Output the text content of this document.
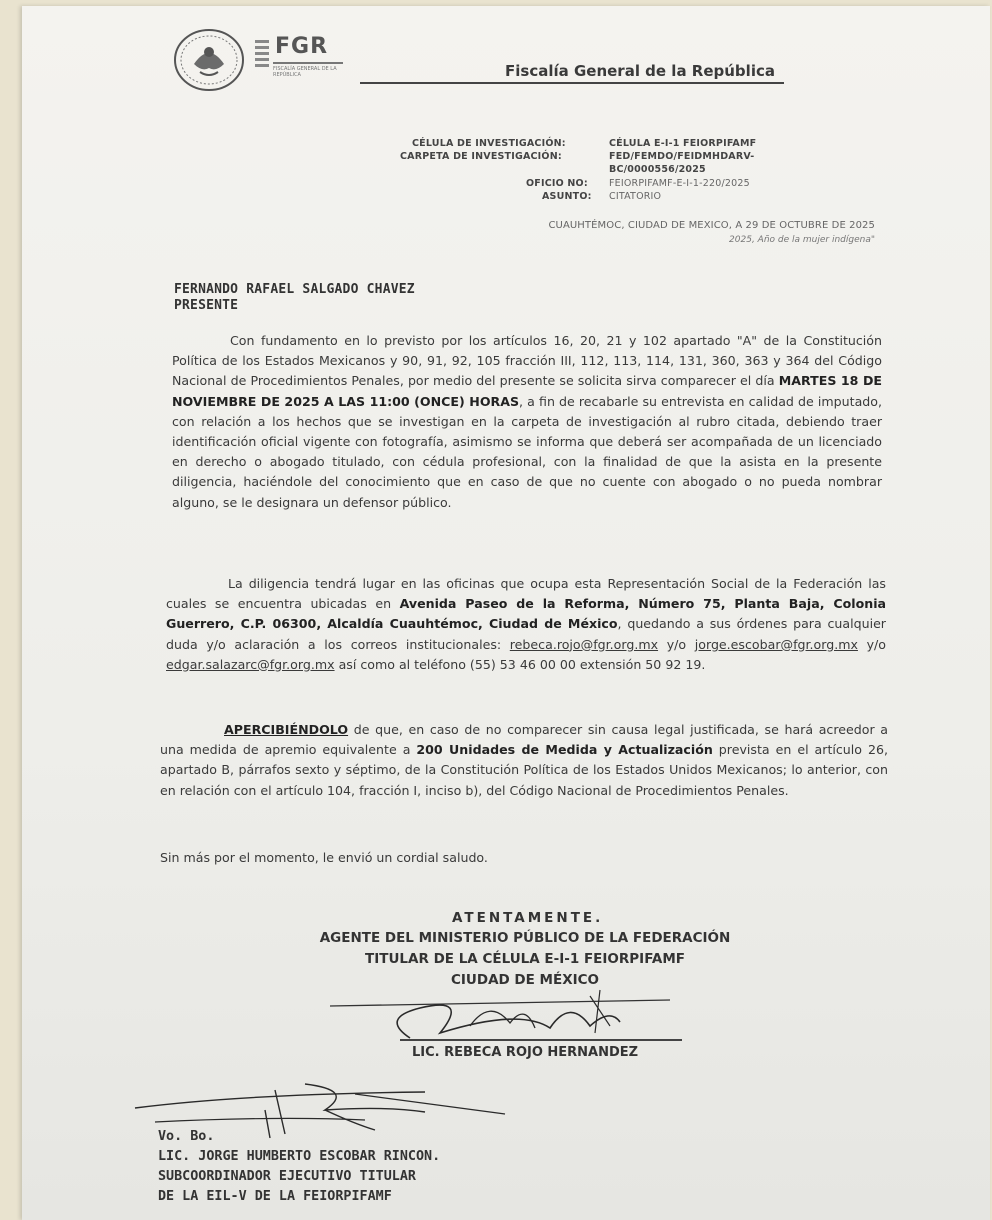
FGR
FISCALÍA GENERAL DE LA REPÚBLICA	Fiscalía General de la República
CÉLULA DE INVESTIGACIÓN:	CÉLULA E-I-1 FEIORPIFAMF
CARPETA DE INVESTIGACIÓN:	FED/FEMDO/FEIDMHDARV-
BC/0000556/2025
OFICIO NO: FEIORPIFAMF-E-I-1-220/2025
ASUNTO: CITATORIO
CUAUHTÉMOC, CIUDAD DE MEXICO, A 29 DE OCTUBRE DE 2025
2025, Año de la mujer indígena"
FERNANDO RAFAEL SALGADO CHAVEZ
PRESENTE
Con fundamento en lo previsto por los artículos 16, 20, 21 y 102 apartado "A" de la Constitución Política de los Estados Mexicanos y 90, 91, 92, 105 fracción III, 112, 113, 114, 131, 360, 363 y 364 del Código Nacional de Procedimientos Penales, por medio del presente se solicita sirva comparecer el día MARTES 18 DE NOVIEMBRE DE 2025 A LAS 11:00 (ONCE) HORAS, a fin de recabarle su entrevista en calidad de imputado, con relación a los hechos que se investigan en la carpeta de investigación al rubro citada, debiendo traer identificación oficial vigente con fotografía, asimismo se informa que deberá ser acompañada de un licenciado en derecho o abogado titulado, con cédula profesional, con la finalidad de que la asista en la presente diligencia, haciéndole del conocimiento que en caso de que no cuente con abogado o no pueda nombrar alguno, se le designara un defensor público.
La diligencia tendrá lugar en las oficinas que ocupa esta Representación Social de la Federación las cuales se encuentra ubicadas en Avenida Paseo de la Reforma, Número 75, Planta Baja, Colonia Guerrero, C.P. 06300, Alcaldía Cuauhtémoc, Ciudad de México, quedando a sus órdenes para cualquier duda y/o aclaración a los correos institucionales: rebeca.rojo@fgr.org.mx y/o jorge.escobar@fgr.org.mx y/o edgar.salazarc@fgr.org.mx así como al teléfono (55) 53 46 00 00 extensión 50 92 19.
APERCIBIÉNDOLO de que, en caso de no comparecer sin causa legal justificada, se hará acreedor a una medida de apremio equivalente a 200 Unidades de Medida y Actualización prevista en el artículo 26, apartado B, párrafos sexto y séptimo, de la Constitución Política de los Estados Unidos Mexicanos; lo anterior, con en relación con el artículo 104, fracción I, inciso b), del Código Nacional de Procedimientos Penales.
Sin más por el momento, le envió un cordial saludo.
ATENTAMENTE.
AGENTE DEL MINISTERIO PÚBLICO DE LA FEDERACIÓN
TITULAR DE LA CÉLULA E-I-1 FEIORPIFAMF
CIUDAD DE MÉXICO
LIC. REBECA ROJO HERNANDEZ
Vo. Bo.
LIC. JORGE HUMBERTO ESCOBAR RINCON.
SUBCOORDINADOR EJECUTIVO TITULAR
DE LA EIL-V DE LA FEIORPIFAMF
